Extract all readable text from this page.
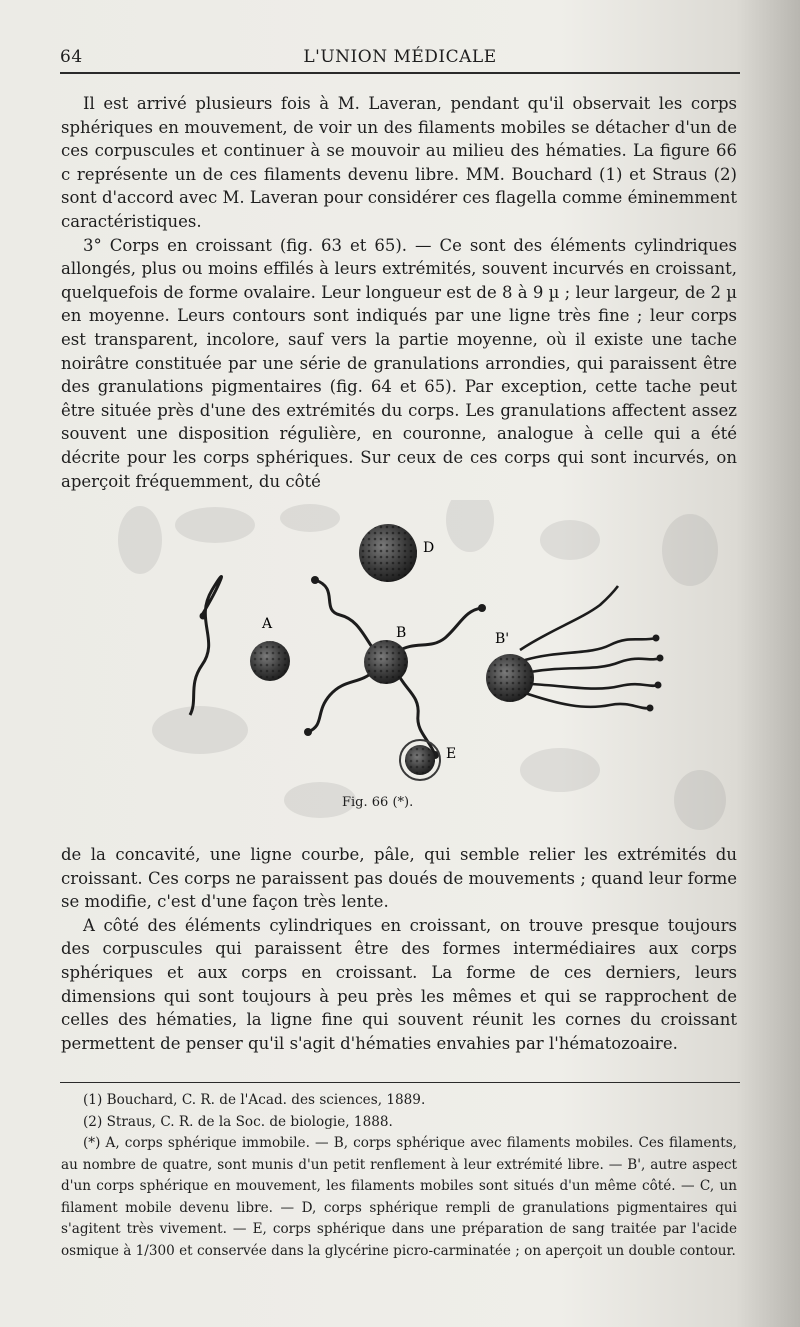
64	L'UNION MÉDICALE

Il est arrivé plusieurs fois à M. Laveran, pendant qu'il observait les corps sphériques en mouvement, de voir un des filaments mobiles se détacher d'un de ces corpuscules et continuer à se mouvoir au milieu des hématies. La figure 66 c représente un de ces filaments devenu libre. MM. Bouchard (1) et Straus (2) sont d'accord avec M. Laveran pour considérer ces flagella comme éminemment caractéristiques.

3° Corps en croissant (fig. 63 et 65). — Ce sont des éléments cylindriques allongés, plus ou moins effilés à leurs extrémités, souvent incurvés en croissant, quelquefois de forme ovalaire. Leur longueur est de 8 à 9 µ ; leur largeur, de 2 µ en moyenne. Leurs contours sont indiqués par une ligne très fine ; leur corps est transparent, incolore, sauf vers la partie moyenne, où il existe une tache noirâtre constituée par une série de granulations arrondies, qui paraissent être des granulations pigmentaires (fig. 64 et 65). Par exception, cette tache peut être située près d'une des extrémités du corps. Les granulations affectent assez souvent une disposition régulière, en couronne, analogue à celle qui a été décrite pour les corps sphériques. Sur ceux de ces corps qui sont incurvés, on aperçoit fréquemment, du côté

D
A
B	B'
E
Fig. 66 (*).

de la concavité, une ligne courbe, pâle, qui semble relier les extrémités du croissant. Ces corps ne paraissent pas doués de mouvements ; quand leur forme se modifie, c'est d'une façon très lente.

A côté des éléments cylindriques en croissant, on trouve presque toujours des corpuscules qui paraissent être des formes intermédiaires aux corps sphériques et aux corps en croissant. La forme de ces derniers, leurs dimensions qui sont toujours à peu près les mêmes et qui se rapprochent de celles des hématies, la ligne fine qui souvent réunit les cornes du croissant permettent de penser qu'il s'agit d'hématies envahies par l'hématozoaire.

(1) Bouchard, C. R. de l'Acad. des sciences, 1889.

(2) Straus, C. R. de la Soc. de biologie, 1888.

(*) A, corps sphérique immobile. — B, corps sphérique avec filaments mobiles. Ces filaments, au nombre de quatre, sont munis d'un petit renflement à leur extrémité libre. — B', autre aspect d'un corps sphérique en mouvement, les filaments mobiles sont situés d'un même côté. — C, un filament mobile devenu libre. — D, corps sphérique rempli de granulations pigmentaires qui s'agitent très vivement. — E, corps sphérique dans une préparation de sang traitée par l'acide osmique à 1/300 et conservée dans la glycérine picro-carminatée ; on aperçoit un double contour.
